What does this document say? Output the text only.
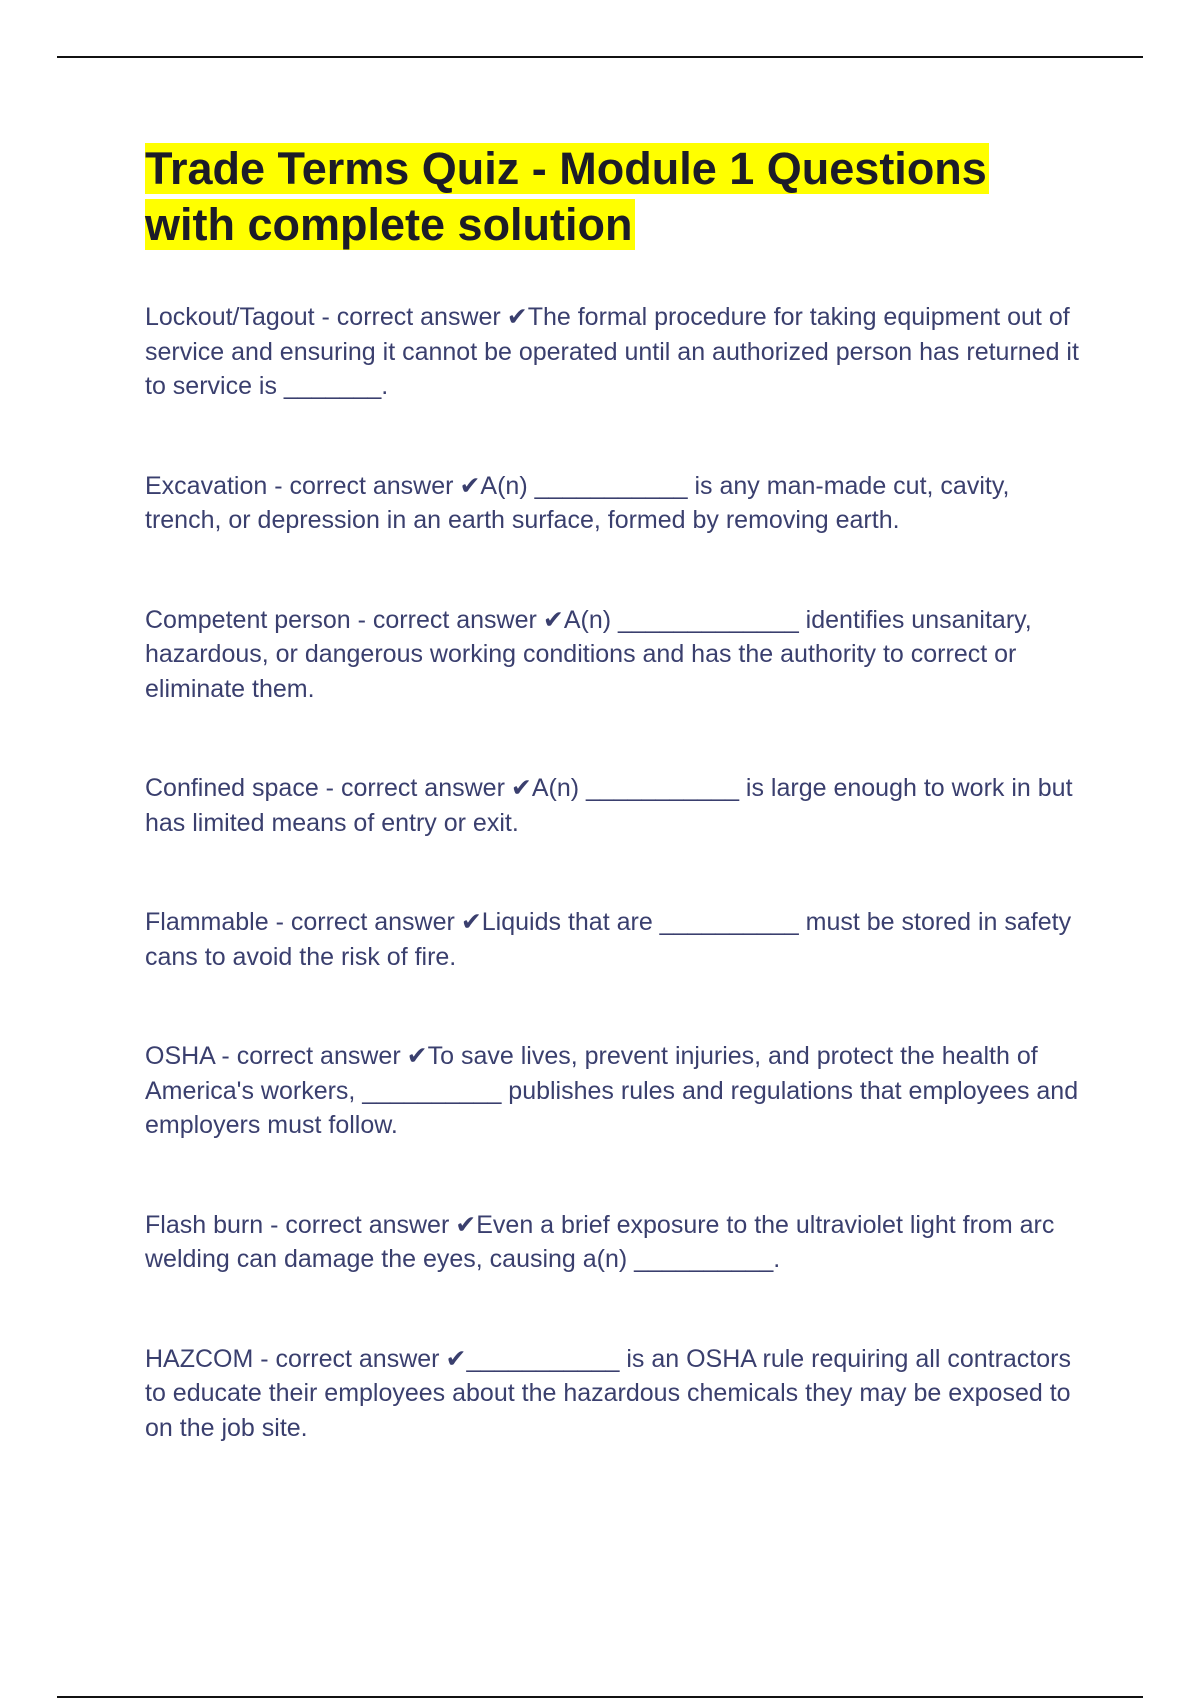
Trade Terms Quiz - Module 1 Questions with complete solution

Lockout/Tagout - correct answer ✔The formal procedure for taking equipment out of service and ensuring it cannot be operated until an authorized person has returned it to service is _______.

Excavation - correct answer ✔A(n) ___________ is any man-made cut, cavity, trench, or depression in an earth surface, formed by removing earth.

Competent person - correct answer ✔A(n) _____________ identifies unsanitary, hazardous, or dangerous working conditions and has the authority to correct or eliminate them.

Confined space - correct answer ✔A(n) ___________ is large enough to work in but has limited means of entry or exit.

Flammable - correct answer ✔Liquids that are __________ must be stored in safety cans to avoid the risk of fire.

OSHA - correct answer ✔To save lives, prevent injuries, and protect the health of America's workers, __________ publishes rules and regulations that employees and employers must follow.

Flash burn - correct answer ✔Even a brief exposure to the ultraviolet light from arc welding can damage the eyes, causing a(n) __________.

HAZCOM - correct answer ✔___________ is an OSHA rule requiring all contractors to educate their employees about the hazardous chemicals they may be exposed to on the job site.
